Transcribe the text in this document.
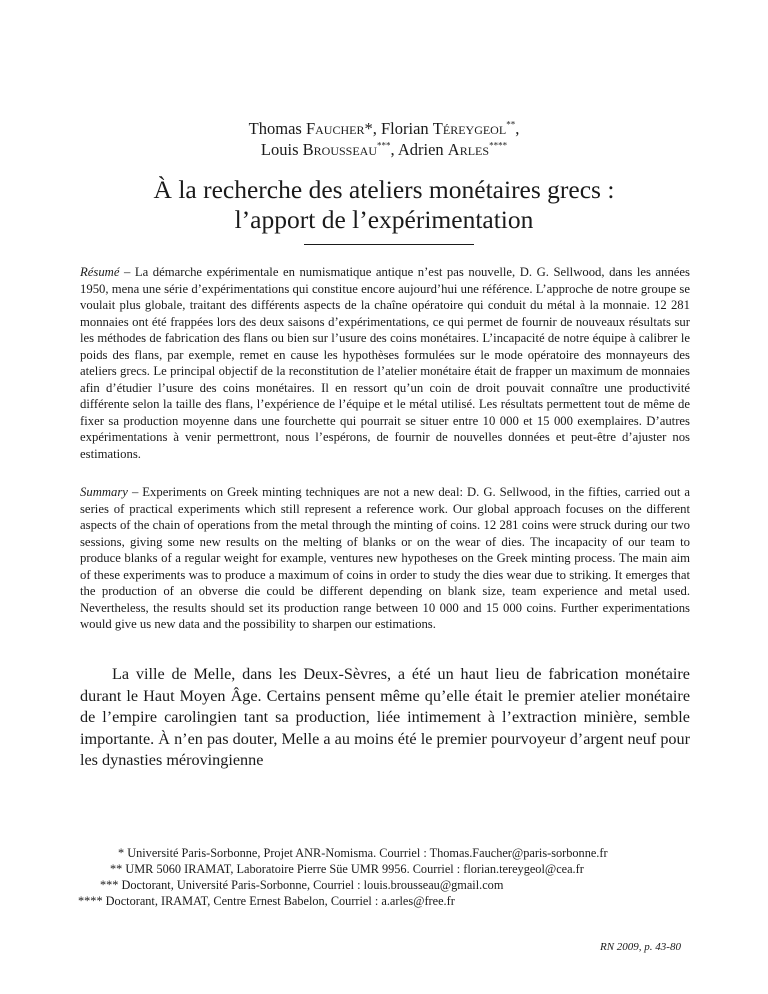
Thomas Faucher*, Florian Téreygeol**,
Louis Brousseau***, Adrien Arles****
À la recherche des ateliers monétaires grecs :
l’apport de l’expérimentation
Résumé – La démarche expérimentale en numismatique antique n’est pas nouvelle, D. G. Sellwood, dans les années 1950, mena une série d’expérimentations qui constitue encore aujourd’hui une référence. L’approche de notre groupe se voulait plus globale, traitant des différents aspects de la chaîne opératoire qui conduit du métal à la monnaie. 12 281 monnaies ont été frappées lors des deux saisons d’expérimentations, ce qui permet de fournir de nouveaux résultats sur les méthodes de fabrication des flans ou bien sur l’usure des coins monétaires. L’incapacité de notre équipe à calibrer le poids des flans, par exemple, remet en cause les hypothèses formulées sur le mode opératoire des monnayeurs des ateliers grecs. Le principal objectif de la reconstitution de l’atelier monétaire était de frapper un maximum de monnaies afin d’étudier l’usure des coins monétaires. Il en ressort qu’un coin de droit pouvait connaître une productivité différente selon la taille des flans, l’expérience de l’équipe et le métal utilisé. Les résultats permettent tout de même de fixer sa production moyenne dans une fourchette qui pourrait se situer entre 10 000 et 15 000 exemplaires. D’autres expérimentations à venir permettront, nous l’espérons, de fournir de nouvelles données et peut-être d’ajuster nos estimations.
Summary – Experiments on Greek minting techniques are not a new deal: D. G. Sellwood, in the fifties, carried out a series of practical experiments which still represent a reference work. Our global approach focuses on the different aspects of the chain of operations from the metal through the minting of coins. 12 281 coins were struck during our two sessions, giving some new results on the melting of blanks or on the wear of dies. The incapacity of our team to produce blanks of a regular weight for example, ventures new hypotheses on the Greek minting process. The main aim of these experiments was to produce a maximum of coins in order to study the dies wear due to striking. It emerges that the production of an obverse die could be different depending on blank size, team experience and metal used. Nevertheless, the results should set its production range between 10 000 and 15 000 coins. Further experimentations would give us new data and the possibility to sharpen our estimations.

La ville de Melle, dans les Deux-Sèvres, a été un haut lieu de fabrication monétaire durant le Haut Moyen Âge. Certains pensent même qu’elle était le premier atelier monétaire de l’empire carolingien tant sa production, liée intimement à l’extraction minière, semble importante. À n’en pas douter, Melle a au moins été le premier pourvoyeur d’argent neuf pour les dynasties mérovingienne

* Université Paris-Sorbonne, Projet ANR-Nomisma. Courriel : Thomas.Faucher@paris-sorbonne.fr
** UMR 5060 IRAMAT, Laboratoire Pierre Süe UMR 9956. Courriel : florian.tereygeol@cea.fr
*** Doctorant, Université Paris-Sorbonne, Courriel : louis.brousseau@gmail.com
**** Doctorant, IRAMAT, Centre Ernest Babelon, Courriel : a.arles@free.fr
RN 2009, p. 43-80
